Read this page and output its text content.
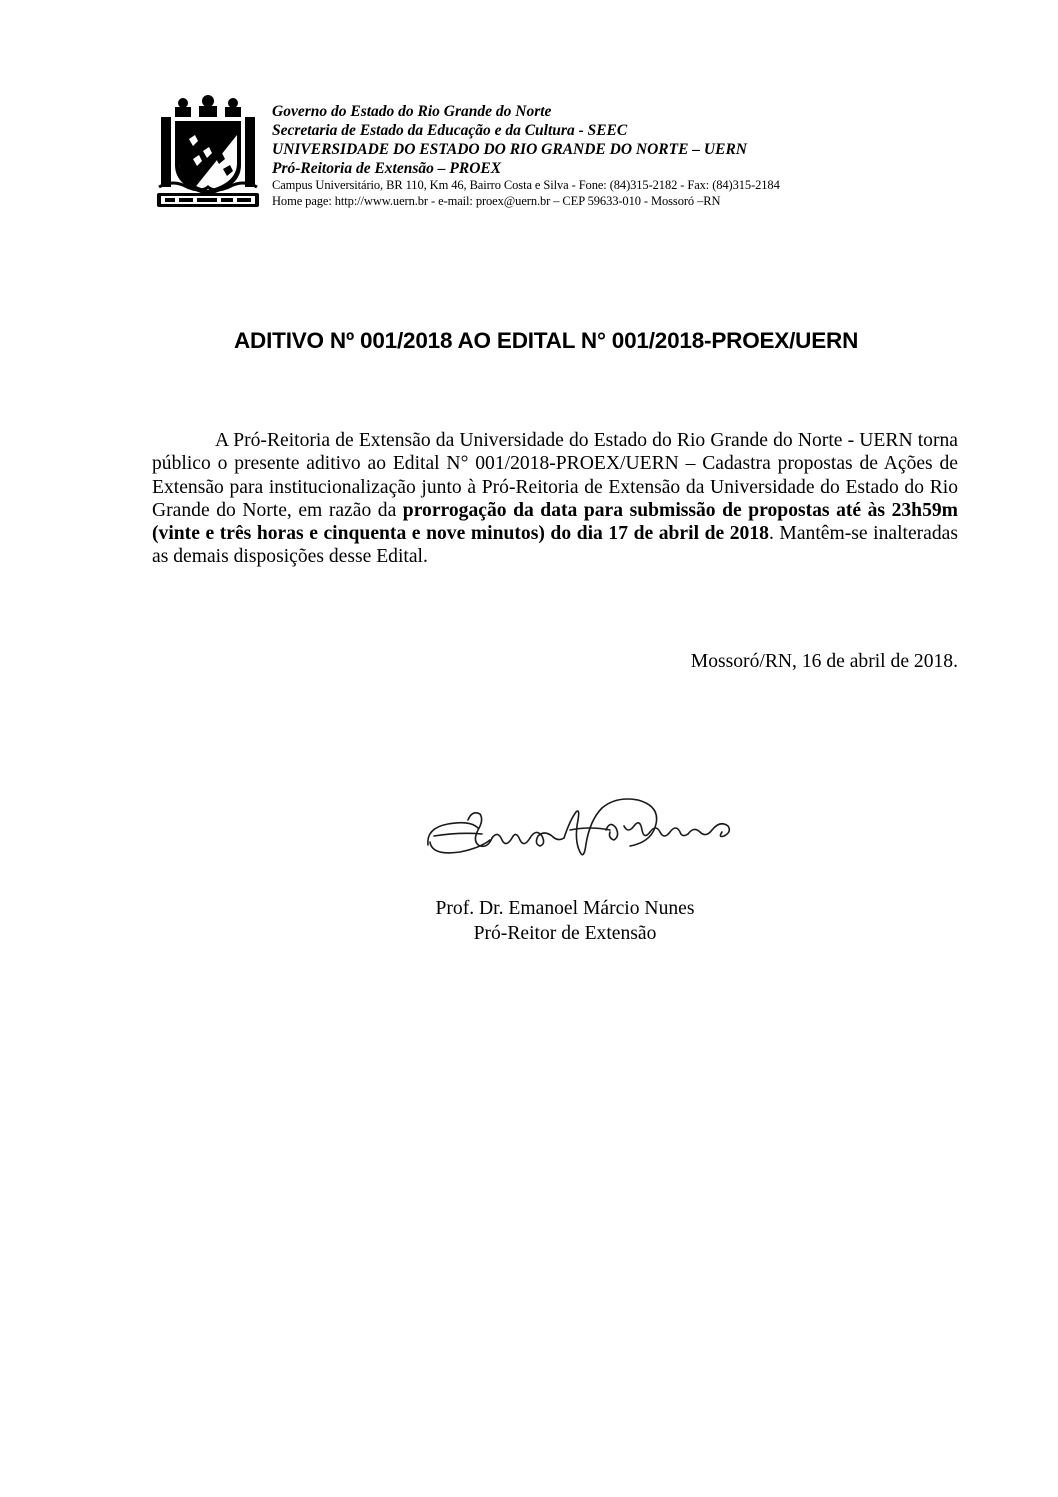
Governo do Estado do Rio Grande do Norte
Secretaria de Estado da Educação e da Cultura - SEEC
UNIVERSIDADE DO ESTADO DO RIO GRANDE DO NORTE – UERN
Pró-Reitoria de Extensão – PROEX
Campus Universitário, BR 110, Km 46, Bairro Costa e Silva - Fone: (84)315-2182 - Fax: (84)315-2184
Home page: http://www.uern.br - e-mail: proex@uern.br – CEP 59633-010 - Mossoró –RN
ADITIVO Nº 001/2018 AO EDITAL N° 001/2018-PROEX/UERN

A Pró-Reitoria de Extensão da Universidade do Estado do Rio Grande do Norte - UERN torna público o presente aditivo ao Edital N° 001/2018-PROEX/UERN – Cadastra propostas de Ações de Extensão para institucionalização junto à Pró-Reitoria de Extensão da Universidade do Estado do Rio Grande do Norte, em razão da prorrogação da data para submissão de propostas até às 23h59m (vinte e três horas e cinquenta e nove minutos) do dia 17 de abril de 2018. Mantêm-se inalteradas as demais disposições desse Edital.

Mossoró/RN, 16 de abril de 2018.
Prof. Dr. Emanoel Márcio Nunes
Pró-Reitor de Extensão
